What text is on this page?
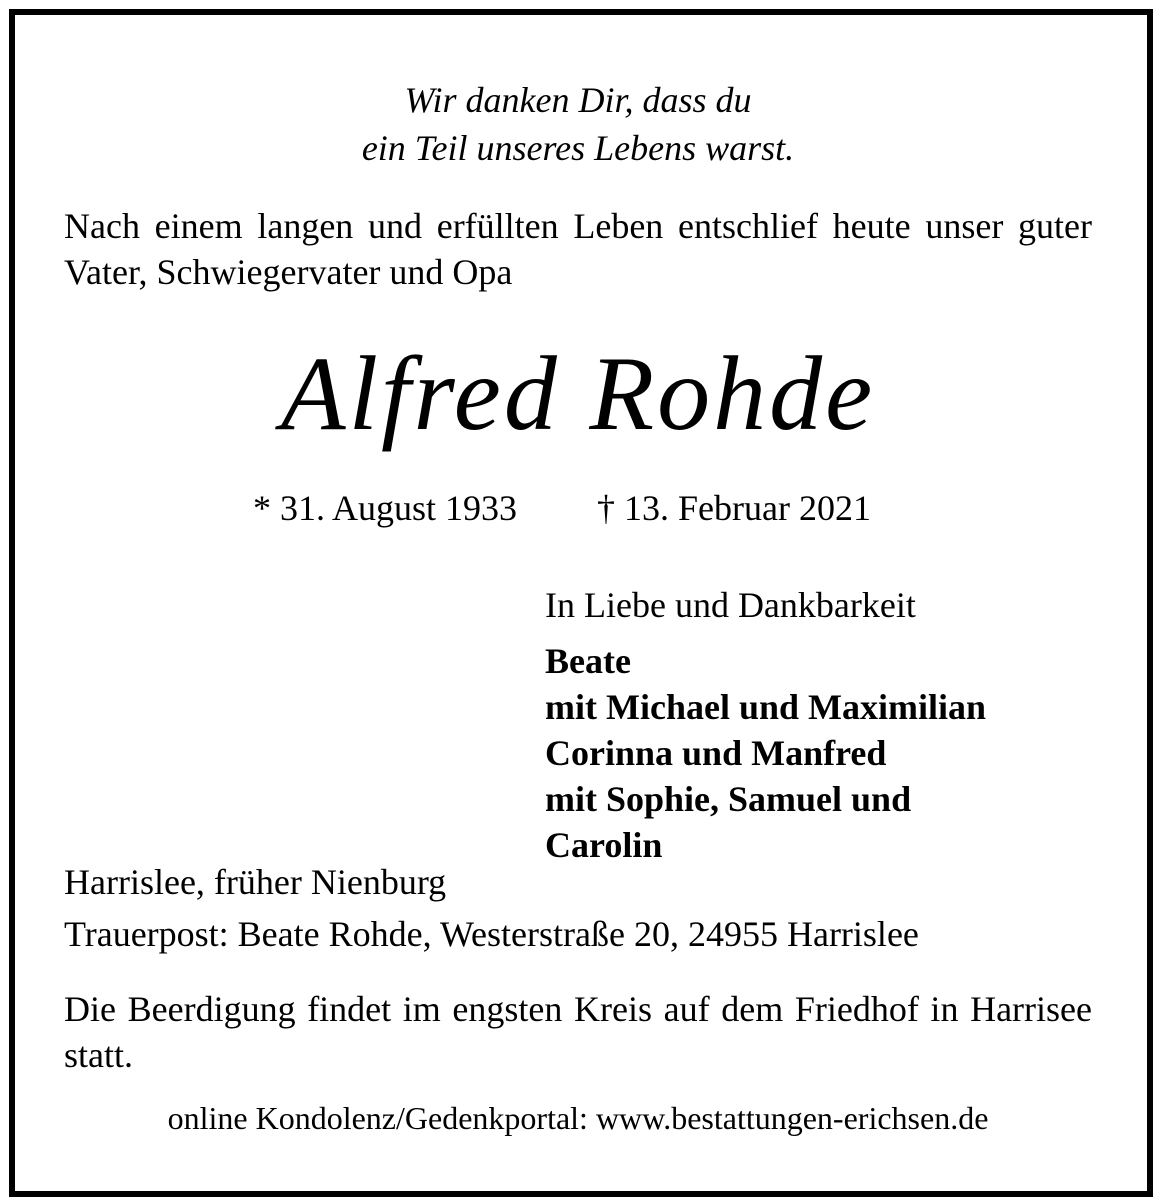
Wir danken Dir, dass du

ein Teil unseres Lebens warst.

Nach einem langen und erfüllten Leben entschlief heute unser guter Vater, Schwiegervater und Opa

Alfred Rohde

* 31. August 1933 † 13. Februar 2021

In Liebe und Dankbarkeit

Beate
mit Michael und Maximilian
Corinna und Manfred
mit Sophie, Samuel und
Carolin

Harrislee, früher Nienburg

Trauerpost: Beate Rohde, Westerstraße 20, 24955 Harrislee

Die Beerdigung findet im engsten Kreis auf dem Friedhof in Harrisee statt.

online Kondolenz/Gedenkportal: www.bestattungen-erichsen.de
